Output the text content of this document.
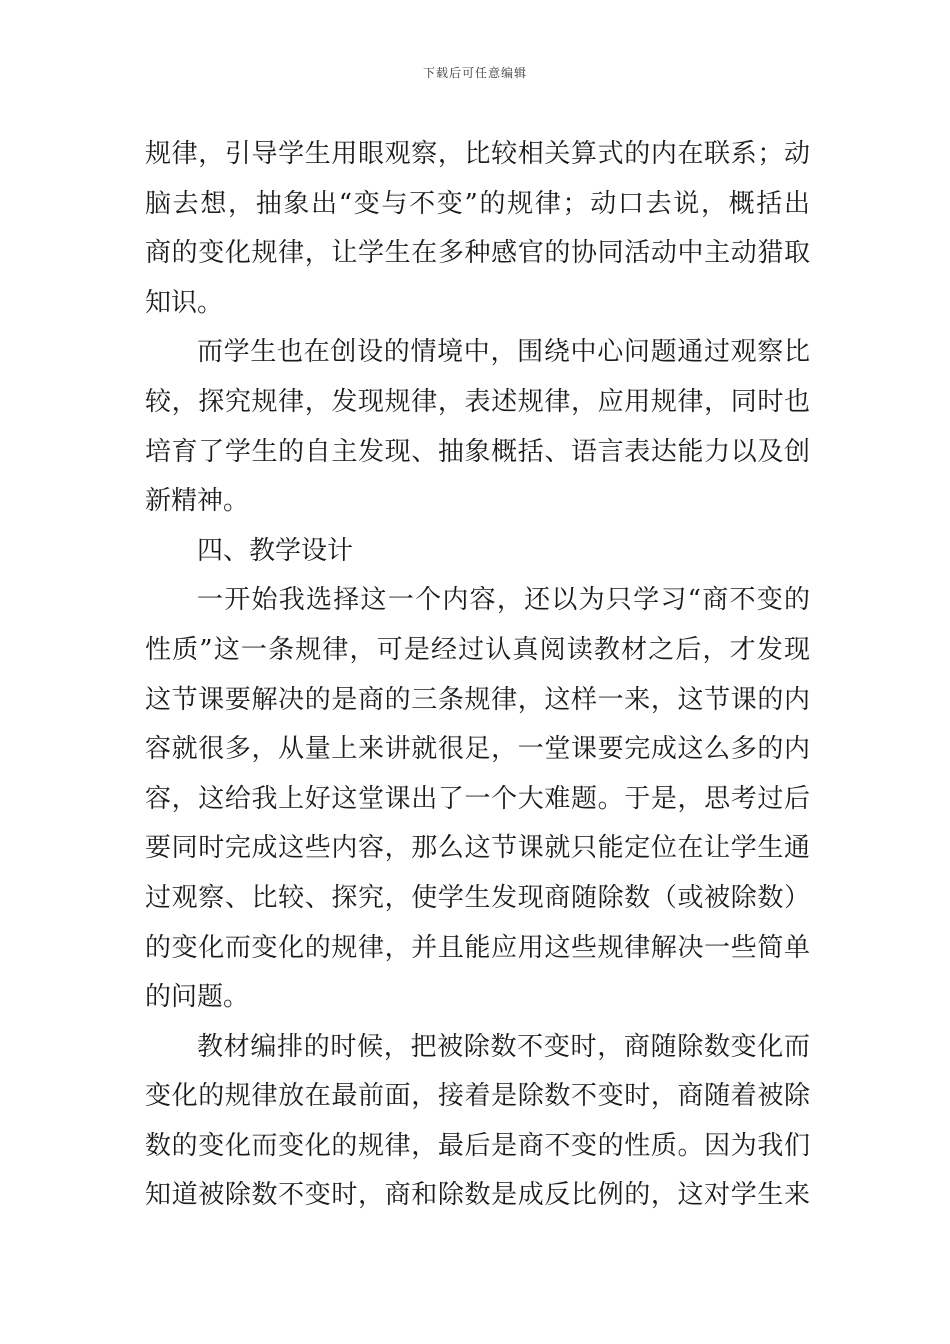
下载后可任意编辑
规律，引导学生用眼观察，比较相关算式的内在联系；动
脑去想，抽象出“变与不变”的规律；动口去说，概括出
商的变化规律，让学生在多种感官的协同活动中主动猎取
知识。
而学生也在创设的情境中，围绕中心问题通过观察比
较，探究规律，发现规律，表述规律，应用规律，同时也
培育了学生的自主发现、抽象概括、语言表达能力以及创
新精神。
四、教学设计
一开始我选择这一个内容，还以为只学习“商不变的
性质”这一条规律，可是经过认真阅读教材之后，才发现
这节课要解决的是商的三条规律，这样一来，这节课的内
容就很多，从量上来讲就很足，一堂课要完成这么多的内
容，这给我上好这堂课出了一个大难题。于是，思考过后
要同时完成这些内容，那么这节课就只能定位在让学生通
过观察、比较、探究，使学生发现商随除数（或被除数）
的变化而变化的规律，并且能应用这些规律解决一些简单
的问题。
教材编排的时候，把被除数不变时，商随除数变化而
变化的规律放在最前面，接着是除数不变时，商随着被除
数的变化而变化的规律，最后是商不变的性质。因为我们
知道被除数不变时，商和除数是成反比例的，这对学生来
